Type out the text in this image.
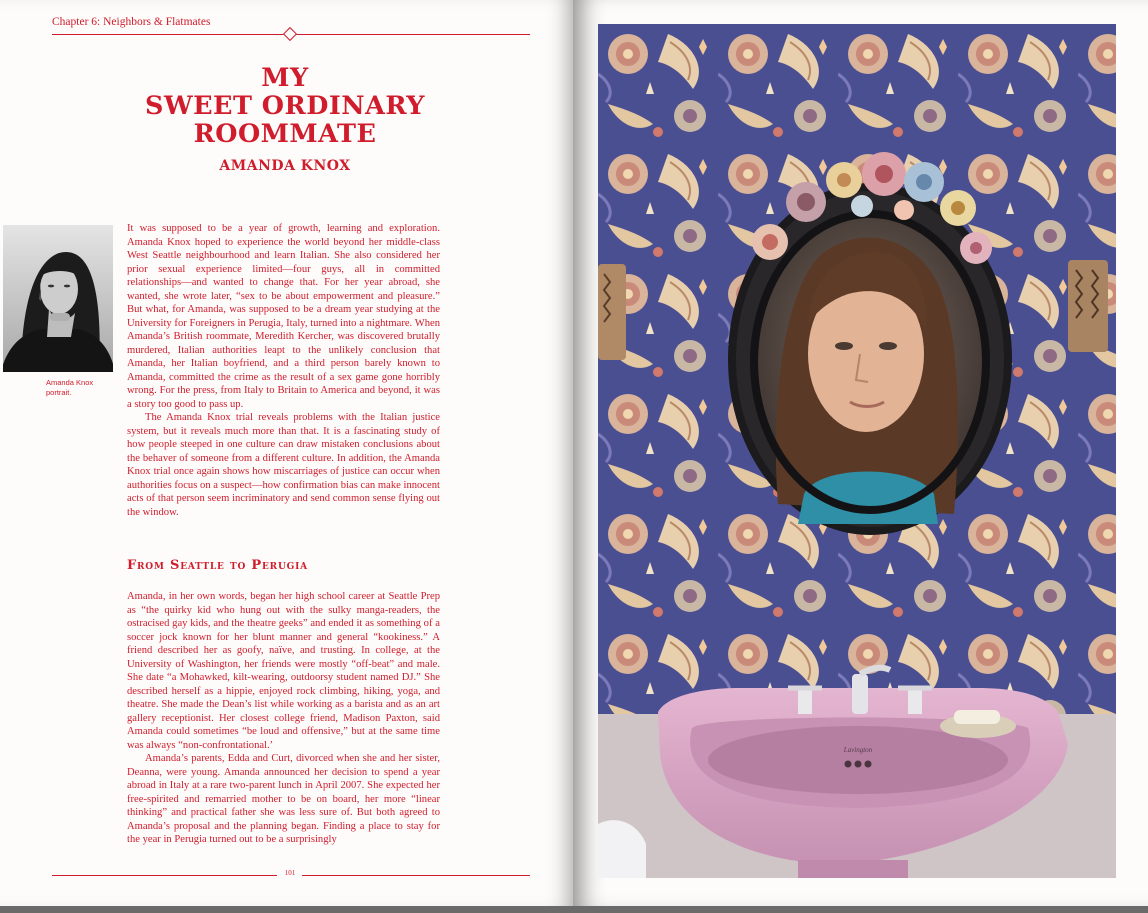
Chapter 6: Neighbors & Flatmates
MY
SWEET ORDINARY
ROOMMATE
AMANDA KNOX
Amanda Knox
portrait.

It was supposed to be a year of growth, learning and exploration. Amanda Knox hoped to experience the world beyond her middle-class West Seattle neighbourhood and learn Italian. She also considered her prior sexual experience limited—four guys, all in committed relationships—and wanted to change that. For her year abroad, she wanted, she wrote later, “sex to be about empowerment and pleasure.” But what, for Amanda, was supposed to be a dream year studying at the University for Foreigners in Perugia, Italy, turned into a nightmare. When Amanda’s British roommate, Meredith Kercher, was discovered brutally murdered, Italian authorities leapt to the unlikely conclusion that Amanda, her Italian boyfriend, and a third person barely known to Amanda, committed the crime as the result of a sex game gone horribly wrong. For the press, from Italy to Britain to America and beyond, it was a story too good to pass up.

The Amanda Knox trial reveals problems with the Italian justice system, but it reveals much more than that. It is a fascinating study of how people steeped in one culture can draw mistaken conclusions about the behaver of someone from a different culture. In addition, the Amanda Knox trial once again shows how miscarriages of justice can occur when authorities focus on a suspect—how confirmation bias can make innocent acts of that person seem incriminatory and send common sense flying out the window.

From Seattle to Perugia

Amanda, in her own words, began her high school career at Seattle Prep as “the quirky kid who hung out with the sulky manga-readers, the ostracised gay kids, and the theatre geeks” and ended it as something of a soccer jock known for her blunt manner and general “kookiness.” A friend described her as goofy, naïve, and trusting. In college, at the University of Washington, her friends were mostly “off-beat” and male. She date “a Mohawked, kilt-wearing, outdoorsy student named DJ.” She described herself as a hippie, enjoyed rock climbing, hiking, yoga, and theatre. She made the Dean’s list while working as a barista and as an art gallery receptionist. Her closest college friend, Madison Paxton, said Amanda could sometimes “be loud and offensive,” but at the same time was always “non-confrontational.’

Amanda’s parents, Edda and Curt, divorced when she and her sister, Deanna, were young. Amanda announced her decision to spend a year abroad in Italy at a rare two-parent lunch in April 2007. She expected her free-spirited and remarried mother to be on board, her more “linear thinking” and practical father she was less sure of. But both agreed to Amanda’s proposal and the planning began. Finding a place to stay for the year in Perugia turned out to be a surprisingly

101
Lavington
